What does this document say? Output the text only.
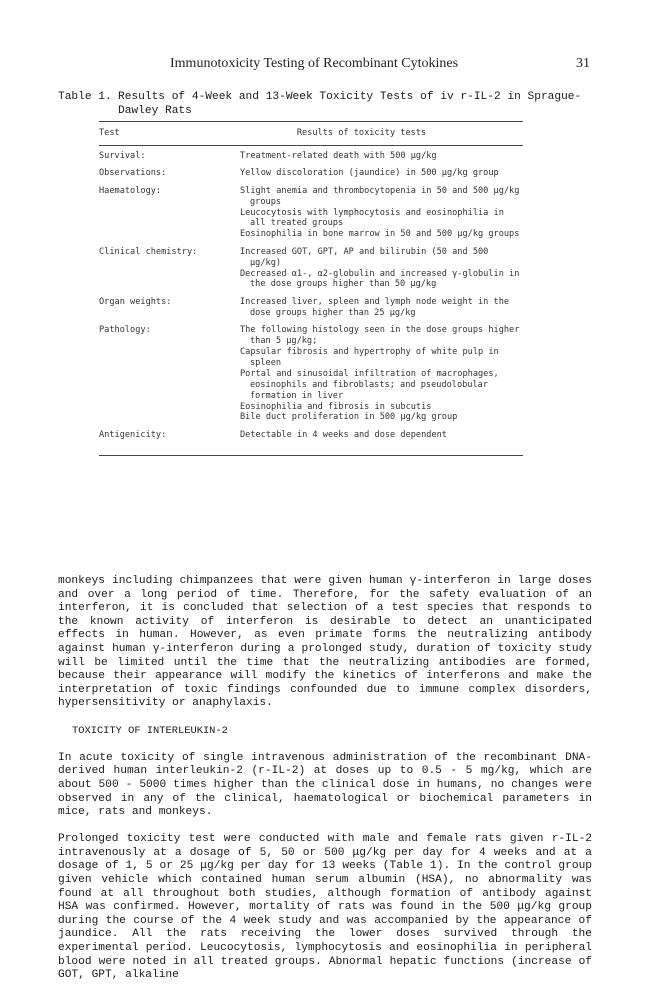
Immunotoxicity Testing of Recombinant Cytokines	31
Table 1. Results of 4-Week and 13-Week Toxicity Tests of iv r-IL-2 in Sprague-Dawley Rats
Test	Results of toxicity tests
Survival:	Treatment-related death with 500 μg/kg
Observations:	Yellow discoloration (jaundice) in 500 μg/kg group
Haematology:	Slight anemia and thrombocytopenia in 50 and 500 μg/kg groups
Leucocytosis with lymphocytosis and eosinophilia in all treated groups
Eosinophilia in bone marrow in 50 and 500 μg/kg groups
Clinical chemistry:	Increased GOT, GPT, AP and bilirubin (50 and 500 μg/kg)
Decreased α1-, α2-globulin and increased γ-globulin in the dose groups higher than 50 μg/kg
Organ weights:	Increased liver, spleen and lymph node weight in the dose groups higher than 25 μg/kg
Pathology:	The following histology seen in the dose groups higher than 5 μg/kg;
Capsular fibrosis and hypertrophy of white pulp in spleen
Portal and sinusoidal infiltration of macrophages, eosinophils and fibroblasts; and pseudolobular formation in liver
Eosinophilia and fibrosis in subcutis
Bile duct proliferation in 500 μg/kg group
Antigenicity:	Detectable in 4 weeks and dose dependent

monkeys including chimpanzees that were given human γ-interferon in large doses and over a long period of time. Therefore, for the safety evaluation of an interferon, it is concluded that selection of a test species that responds to the known activity of interferon is desirable to detect an unanticipated effects in human. However, as even primate forms the neutralizing antibody against human γ-interferon during a prolonged study, duration of toxicity study will be limited until the time that the neutralizing antibodies are formed, because their appearance will modify the kinetics of interferons and make the interpretation of toxic findings confounded due to immune complex disorders, hypersensitivity or anaphylaxis.

TOXICITY OF INTERLEUKIN-2

In acute toxicity of single intravenous administration of the recombinant DNA-derived human interleukin-2 (r-IL-2) at doses up to 0.5 - 5 mg/kg, which are about 500 - 5000 times higher than the clinical dose in humans, no changes were observed in any of the clinical, haematological or biochemical parameters in mice, rats and monkeys.

Prolonged toxicity test were conducted with male and female rats given r-IL-2 intravenously at a dosage of 5, 50 or 500 μg/kg per day for 4 weeks and at a dosage of 1, 5 or 25 μg/kg per day for 13 weeks (Table 1). In the control group given vehicle which contained human serum albumin (HSA), no abnormality was found at all throughout both studies, although formation of antibody against HSA was confirmed. However, mortality of rats was found in the 500 μg/kg group during the course of the 4 week study and was accompanied by the appearance of jaundice. All the rats receiving the lower doses survived through the experimental period. Leucocytosis, lymphocytosis and eosinophilia in peripheral blood were noted in all treated groups. Abnormal hepatic functions (increase of GOT, GPT, alkaline
